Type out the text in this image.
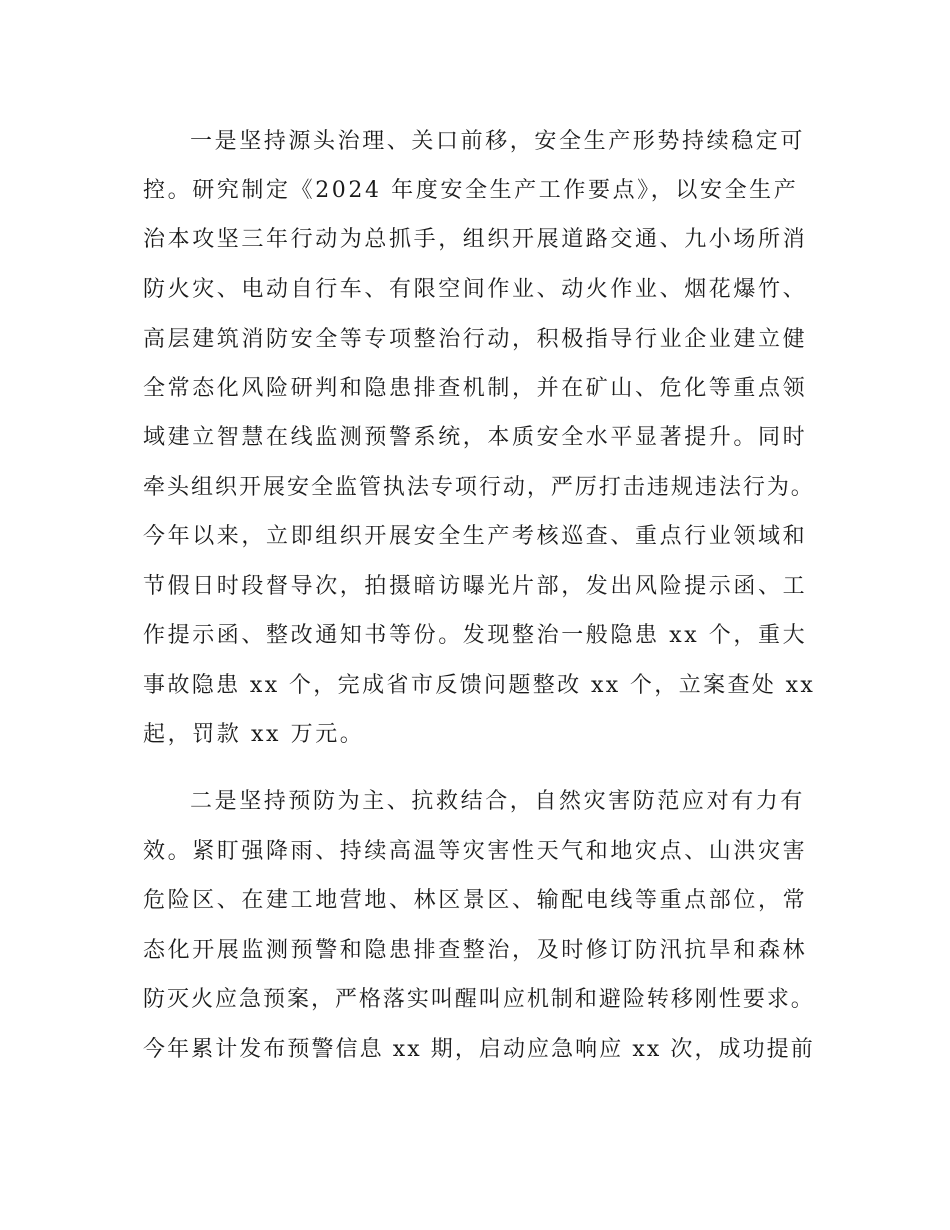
一是坚持源头治理、关口前移，安全生产形势持续稳定可
控。研究制定《2024 年度安全生产工作要点》，以安全生产
治本攻坚三年行动为总抓手，组织开展道路交通、九小场所消
防火灾、电动自行车、有限空间作业、动火作业、烟花爆竹、
高层建筑消防安全等专项整治行动，积极指导行业企业建立健
全常态化风险研判和隐患排查机制，并在矿山、危化等重点领
域建立智慧在线监测预警系统，本质安全水平显著提升。同时
牵头组织开展安全监管执法专项行动，严厉打击违规违法行为。
今年以来，立即组织开展安全生产考核巡查、重点行业领域和
节假日时段督导次，拍摄暗访曝光片部，发出风险提示函、工
作提示函、整改通知书等份。发现整治一般隐患 xx 个，重大
事故隐患 xx 个，完成省市反馈问题整改 xx 个，立案查处 xx
起，罚款 xx 万元。
二是坚持预防为主、抗救结合，自然灾害防范应对有力有
效。紧盯强降雨、持续高温等灾害性天气和地灾点、山洪灾害
危险区、在建工地营地、林区景区、输配电线等重点部位，常
态化开展监测预警和隐患排查整治，及时修订防汛抗旱和森林
防灭火应急预案，严格落实叫醒叫应机制和避险转移刚性要求。
今年累计发布预警信息 xx 期，启动应急响应 xx 次，成功提前
